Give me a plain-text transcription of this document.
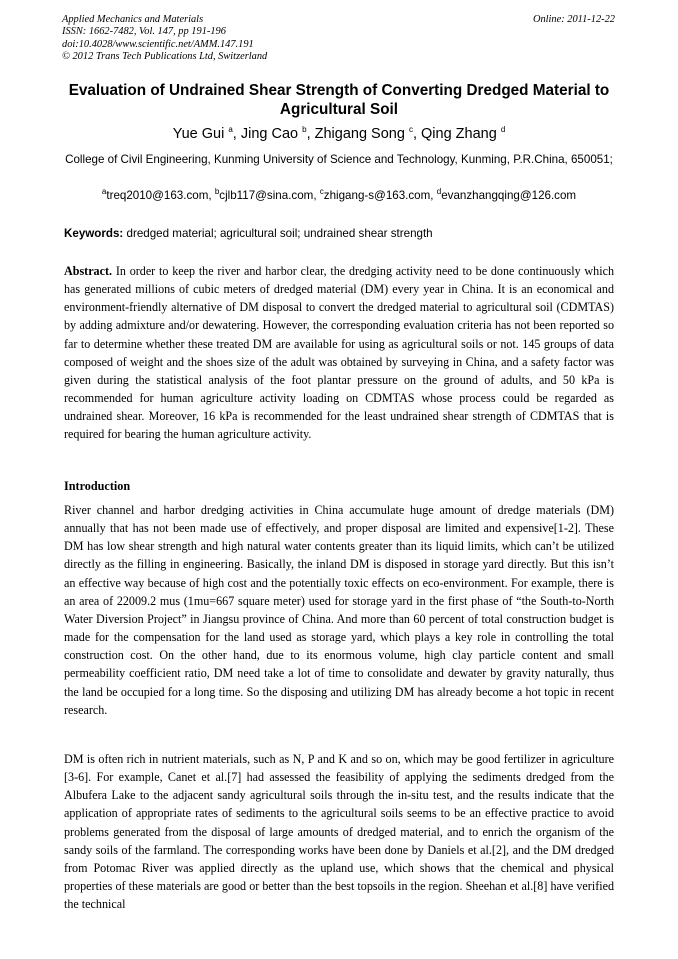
Applied Mechanics and Materials
ISSN: 1662-7482, Vol. 147, pp 191-196
doi:10.4028/www.scientific.net/AMM.147.191
© 2012 Trans Tech Publications Ltd, Switzerland
Online: 2011-12-22
Evaluation of Undrained Shear Strength of Converting Dredged Material to Agricultural Soil
Yue Gui $^a$, Jing Cao $^b$, Zhigang Song $^c$, Qing Zhang $^d$
College of Civil Engineering, Kunming University of Science and Technology, Kunming, P.R.China, 650051;
$^a$treq2010@163.com, $^b$cjlb117@sina.com, $^c$zhigang-s@163.com, $^d$evanzhangqing@126.com
Keywords: dredged material; agricultural soil; undrained shear strength
Abstract. In order to keep the river and harbor clear, the dredging activity need to be done continuously which has generated millions of cubic meters of dredged material (DM) every year in China. It is an economical and environment-friendly alternative of DM disposal to convert the dredged material to agricultural soil (CDMTAS) by adding admixture and/or dewatering. However, the corresponding evaluation criteria has not been reported so far to determine whether these treated DM are available for using as agricultural soils or not. 145 groups of data composed of weight and the shoes size of the adult was obtained by surveying in China, and a safety factor was given during the statistical analysis of the foot plantar pressure on the ground of adults, and 50 kPa is recommended for human agriculture activity loading on CDMTAS whose process could be regarded as undrained shear. Moreover, 16 kPa is recommended for the least undrained shear strength of CDMTAS that is required for bearing the human agriculture activity.
Introduction
River channel and harbor dredging activities in China accumulate huge amount of dredge materials (DM) annually that has not been made use of effectively, and proper disposal are limited and expensive[1-2]. These DM has low shear strength and high natural water contents greater than its liquid limits, which can’t be utilized directly as the filling in engineering. Basically, the inland DM is disposed in storage yard directly. But this isn’t an effective way because of high cost and the potentially toxic effects on eco-environment. For example, there is an area of 22009.2 mus (1mu=667 square meter) used for storage yard in the first phase of “the South-to-North Water Diversion Project” in Jiangsu province of China. And more than 60 percent of total construction budget is made for the compensation for the land used as storage yard, which plays a key role in controlling the total construction cost. On the other hand, due to its enormous volume, high clay particle content and small permeability coefficient ratio, DM need take a lot of time to consolidate and dewater by gravity naturally, thus the land be occupied for a long time. So the disposing and utilizing DM has already become a hot topic in recent research.
DM is often rich in nutrient materials, such as N, P and K and so on, which may be good fertilizer in agriculture [3-6]. For example, Canet et al.[7] had assessed the feasibility of applying the sediments dredged from the Albufera Lake to the adjacent sandy agricultural soils through the in-situ test, and the results indicate that the application of appropriate rates of sediments to the agricultural soils seems to be an effective practice to avoid problems generated from the disposal of large amounts of dredged material, and to enrich the organism of the sandy soils of the farmland. The corresponding works have been done by Daniels et al.[2], and the DM dredged from Potomac River was applied directly as the upland use, which shows that the chemical and physical properties of these materials are good or better than the best topsoils in the region. Sheehan et al.[8] have verified the technical
